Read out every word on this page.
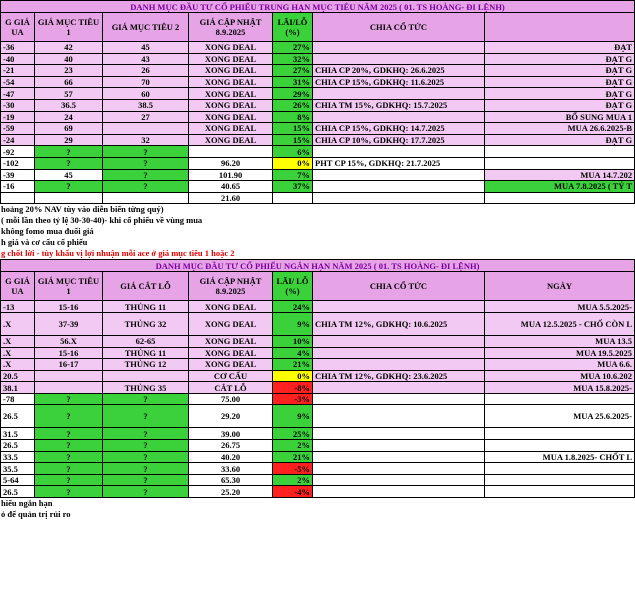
DANH MỤC ĐẦU TƯ CỔ PHIẾU TRUNG HẠN MỤC TIÊU NĂM 2025 ( 01. TS HOÀNG- ĐI LỆNH)						
G GIÁ
UA	GIÁ MỤC TIÊU 1	GIÁ MỤC TIÊU 2	GIÁ CẬP NHẬT 8.9.2025	LÃI/LỖ (%)	CHIA CỔ TỨC	
-36	42	45	XONG DEAL	27%		ĐẠT
-40	40	43	XONG DEAL	32%		ĐẠT G
-21	23	26	XONG DEAL	27%	CHIA CP 20%, GDKHQ: 26.6.2025	ĐẠT G
-54	66	70	XONG DEAL	31%	CHIA CP 15%, GDKHQ: 11.6.2025	ĐẠT G
-47	57	60	XONG DEAL	29%		ĐẠT G
-30	36.5	38.5	XONG DEAL	26%	CHIA TM 15%, GDKHQ: 15.7.2025	ĐẠT G
-19	24	27	XONG DEAL	8%		BỔ SUNG MUA 1
-59	69		XONG DEAL	15%	CHIA CP 15%, GDKHQ: 14.7.2025	MUA 26.6.2025-B
-24	29	32	XONG DEAL	15%	CHIA CP 10%, GDKHQ: 17.7.2025	ĐẠT G
-92	?	?		6%		
-102	?	?	96.20	0%	PHT CP 15%, GDKHQ: 21.7.2025	
-39	45	?	101.90	7%		MUA 14.7.202
-16	?	?	40.65	37%		MUA 7.8.2025 ( TỶ T
			21.60			
hoảng 20% NAV tùy vào diễn biến từng quý)
( mỗi lần theo tỷ lệ 30-30-40)- khi cổ phiếu về vùng mua
không fomo mua đuổi giá
h giá và cơ cấu cổ phiếu
g chốt lời - tùy khẩu vị lợi nhuận mỗi ace ở giá mục tiêu 1 hoặc 2
DANH MỤC ĐẦU TƯ CỔ PHIẾU NGẮN HẠN NĂM 2025 ( 01. TS HOÀNG- ĐI LỆNH)						
G GIÁ
UA	GIÁ MỤC TIÊU 1	GIÁ CẮT LỖ	GIÁ CẬP NHẬT 8.9.2025	LÃI/ LỖ (%)	CHIA CỔ TỨC	NGÀY
-13	15-16	THỦNG 11	XONG DEAL	24%		MUA 5.5.2025-
.X	37-39	THỦNG 32	XONG DEAL	9%	CHIA TM 12%, GDKHQ: 10.6.2025	MUA 12.5.2025 - CHỐ CÒN L
.X	56.X	62-65	XONG DEAL	10%		MUA 13.5
.X	15-16	THỦNG 11	XONG DEAL	4%		MUA 19.5.2025
.X	16-17	THỦNG 12	XONG DEAL	21%		MUA 6.6.
20.5			CƠ CẤU	0%	CHIA TM 12%, GDKHQ: 23.6.2025	MUA 10.6.202
38.1		THỦNG 35	CẮT LỖ	-8%		MUA 15.8.2025-
-78	?	?	75.00	-3%		
26.5	?	?	29.20	9%		MUA 25.6.2025-
31.5	?	?	39.00	25%		
26.5	?	?	26.75	2%		
33.5	?	?	40.20	21%		MUA 1.8.2025- CHỐT L
35.5	?	?	33.60	-5%		
5-64	?	?	65.30	2%		
26.5	?	?	25.20	-4%		
hiếu ngắn hạn
ỏ để quản trị rủi ro
